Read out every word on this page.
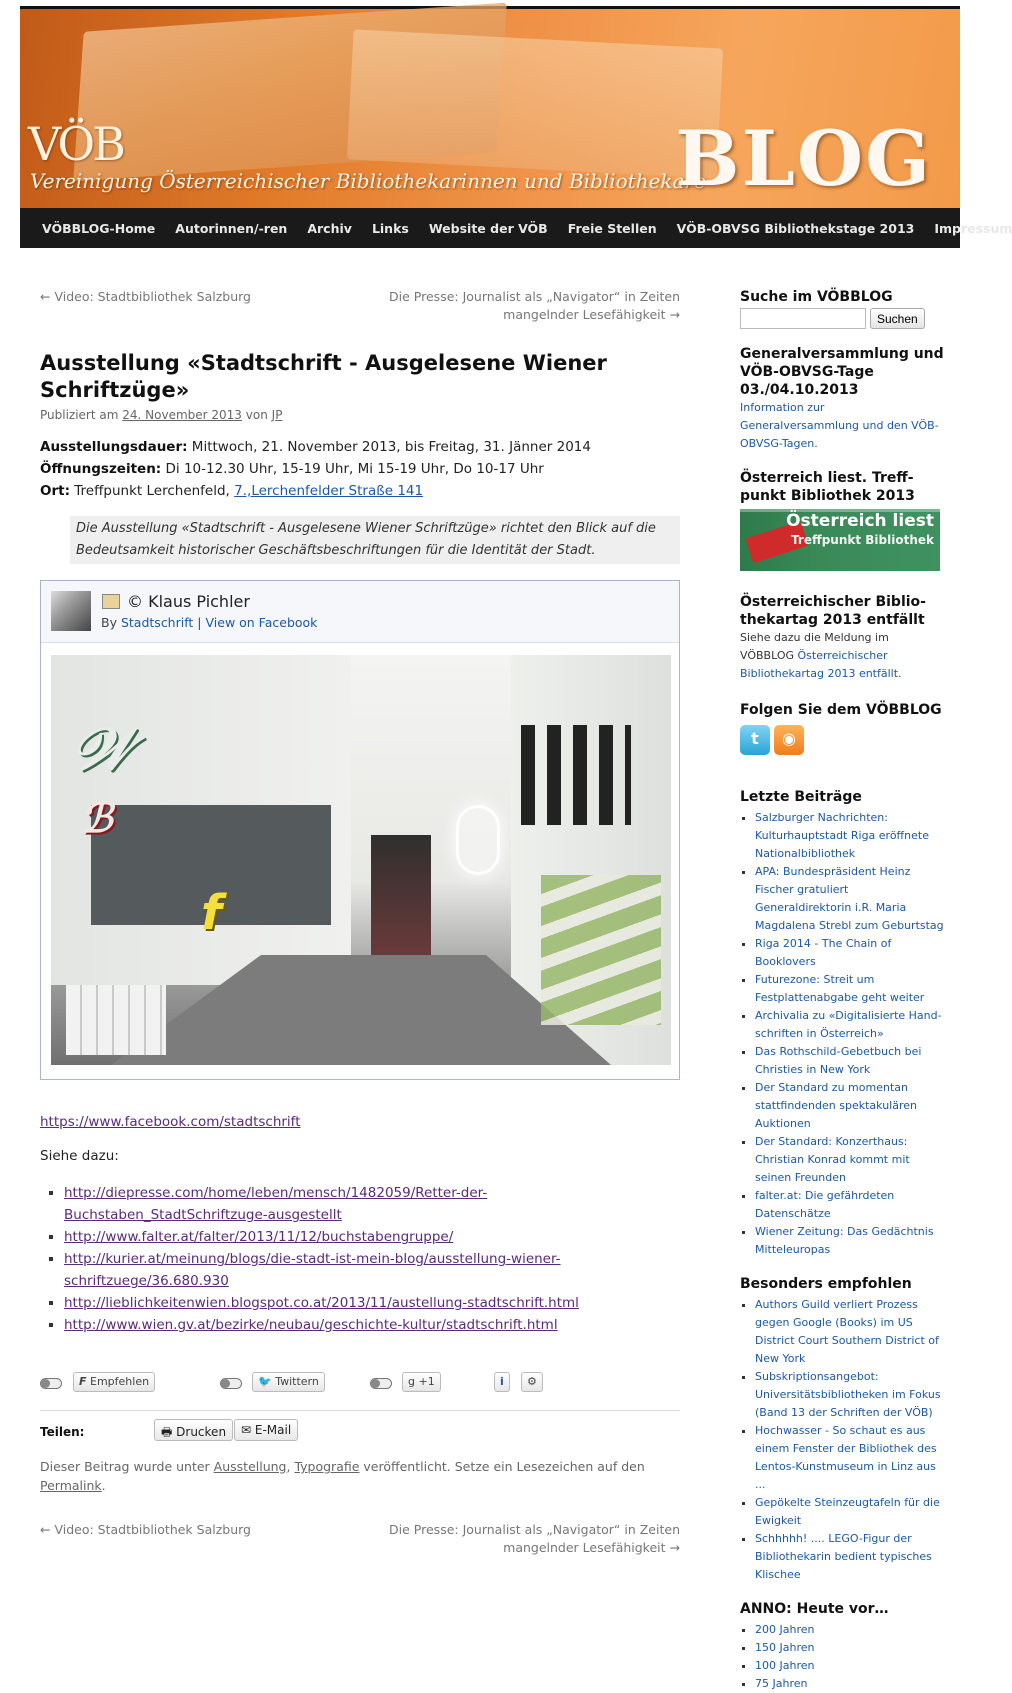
VÖB
Vereinigung Österreichischer Bibliothekarinnen und Bibliothekare
BLOG
VÖBBLOG-Home Autorinnen/-ren Archiv Links Website der VÖB Freie Stellen VÖB-OBVSG Bibliothekstage 2013 Impressum
← Video: Stadtbibliothek Salzburg	Die Presse: Journalist als „Navigator“ in Zeiten mangelnder Lesefähigkeit →
Ausstellung «Stadtschrift - Ausgelesene Wiener Schriftzüge»
Publiziert am 24. November 2013 von JP
Ausstellungsdauer: Mittwoch, 21. November 2013, bis Freitag, 31. Jänner 2014
Öffnungszeiten: Di 10-12.30 Uhr, 15-19 Uhr, Mi 15-19 Uhr, Do 10-17 Uhr
Ort: Treffpunkt Lerchenfeld, 7.,Lerchenfelder Straße 141
Die Ausstellung «Stadtschrift - Ausgelesene Wiener Schriftzüge» richtet den Blick auf die Bedeutsamkeit historischer Geschäftsbeschriftungen für die Identität der Stadt.
© Klaus Pichler
By Stadtschrift | View on Facebook
𝒲
ℬ
f
https://www.facebook.com/stadtschrift
Siehe dazu:
▪ http://diepresse.com/home/leben/mensch/1482059/Retter-der-Buchstaben_StadtSchriftzuge-ausgestellt
▪ http://www.falter.at/falter/2013/11/12/buchstabengruppe/
▪ http://kurier.at/meinung/blogs/die-stadt-ist-mein-blog/ausstellung-wiener-schriftzuege/36.680.930
▪ http://lieblichkeitenwien.blogspot.co.at/2013/11/austellung-stadtschrift.html
▪ http://www.wien.gv.at/bezirke/neubau/geschichte-kultur/stadtschrift.html
F Empfehlen	🐦 Twittern	g +1	i	⚙
Teilen:	🖶 Drucken	✉ E-Mail
Dieser Beitrag wurde unter Ausstellung, Typografie veröffentlicht. Setze ein Lesezeichen auf den Permalink.
← Video: Stadtbibliothek Salzburg	Die Presse: Journalist als „Navigator“ in Zeiten mangelnder Lesefähigkeit →
Suche im VÖBBLOG
Suchen
Generalversammlung und VÖB-OBVSG-Tage 03./04.10.2013
Information zur Generalversammlung und den VÖB-OBVSG-Tagen.
Österreich liest. Treffpunkt Bibliothek 2013
Österreich liest
Treffpunkt Bibliothek
Österreichischer Bibliothekartag 2013 entfällt
Siehe dazu die Meldung im VÖBBLOG Österreichischer Bibliothekartag 2013 entfällt.
Folgen Sie dem VÖBBLOG
t	◉
Letzte Beiträge
▪ Salzburger Nachrichten: Kulturhauptstadt Riga eröffnete Nationalbibliothek
▪ APA: Bundespräsident Heinz Fischer gratuliert Generaldirektorin i.R. Maria Magdalena Strebl zum Geburtstag
▪ Riga 2014 - The Chain of Booklovers
▪ Futurezone: Streit um Festplattenabgabe geht weiter
▪ Archivalia zu «Digitalisierte Handschriften in Österreich»
▪ Das Rothschild-Gebetbuch bei Christies in New York
▪ Der Standard zu momentan stattfindenden spektakulären Auktionen
▪ Der Standard: Konzerthaus: Christian Konrad kommt mit seinen Freunden
▪ falter.at: Die gefährdeten Datenschätze
▪ Wiener Zeitung: Das Gedächtnis Mitteleuropas
Besonders empfohlen
▪ Authors Guild verliert Prozess gegen Google (Books) im US District Court Southern District of New York
▪ Subskriptionsangebot: Universitätsbibliotheken im Fokus (Band 13 der Schriften der VÖB)
▪ Hochwasser - So schaut es aus einem Fenster der Bibliothek des Lentos-Kunstmuseum in Linz aus ...
▪ Gepökelte Steinzeugtafeln für die Ewigkeit
▪ Schhhhh! .... LEGO-Figur der Bibliothekarin bedient typisches Klischee
ANNO: Heute vor…
▪ 200 Jahren
▪ 150 Jahren
▪ 100 Jahren
▪ 75 Jahren
